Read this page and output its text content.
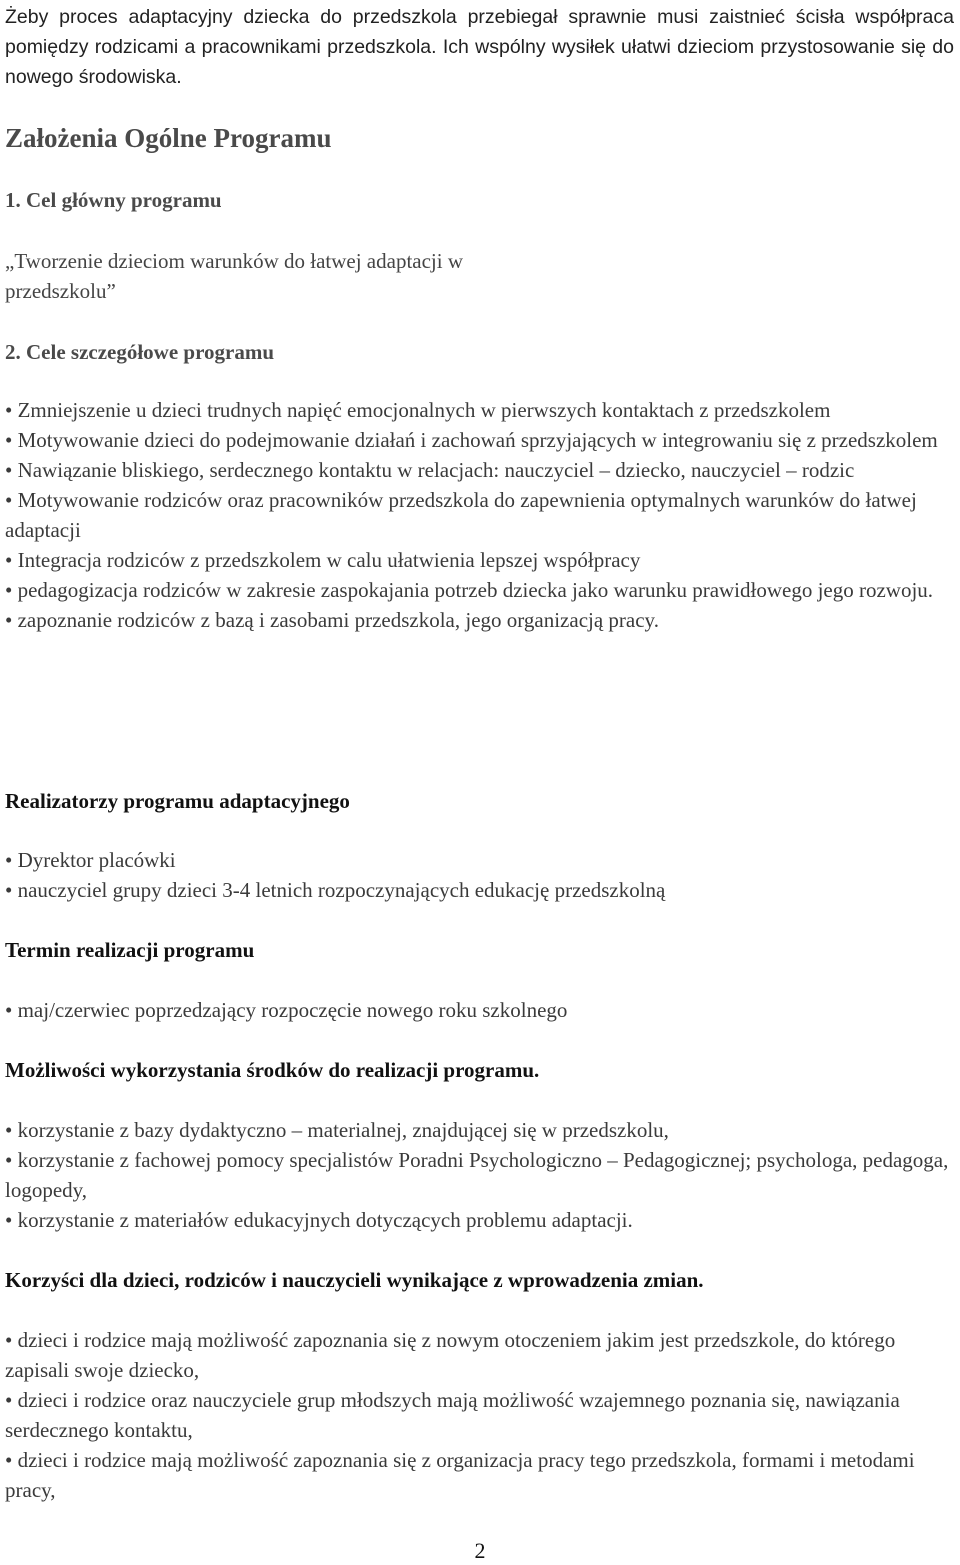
Żeby proces adaptacyjny dziecka do przedszkola przebiegał sprawnie musi zaistnieć ścisła współpraca pomiędzy rodzicami a pracownikami przedszkola. Ich wspólny wysiłek ułatwi dzieciom przystosowanie się do nowego środowiska.

Założenia Ogólne Programu

1. Cel główny programu

„Tworzenie dzieciom warunków do łatwej adaptacji w przedszkolu”

2. Cele szczegółowe programu

• Zmniejszenie u dzieci trudnych napięć emocjonalnych w pierwszych kontaktach z przedszkolem

• Motywowanie dzieci do podejmowanie działań i zachowań sprzyjających w integrowaniu się z przedszkolem

• Nawiązanie bliskiego, serdecznego kontaktu w relacjach: nauczyciel – dziecko, nauczyciel – rodzic

• Motywowanie rodziców oraz pracowników przedszkola do zapewnienia optymalnych warunków do łatwej adaptacji

• Integracja rodziców z przedszkolem w calu ułatwienia lepszej współpracy

• pedagogizacja rodziców w zakresie zaspokajania potrzeb dziecka jako warunku prawidłowego jego rozwoju.

• zapoznanie rodziców z bazą i zasobami przedszkola, jego organizacją pracy.

Realizatorzy programu adaptacyjnego

• Dyrektor placówki

• nauczyciel grupy dzieci 3-4 letnich rozpoczynających edukację przedszkolną

Termin realizacji programu

• maj/czerwiec poprzedzający rozpoczęcie nowego roku szkolnego

Możliwości wykorzystania środków do realizacji programu.

• korzystanie z bazy dydaktyczno – materialnej, znajdującej się w przedszkolu,

• korzystanie z fachowej pomocy specjalistów Poradni Psychologiczno – Pedagogicznej; psychologa, pedagoga, logopedy,

• korzystanie z materiałów edukacyjnych dotyczących problemu adaptacji.

Korzyści dla dzieci, rodziców i nauczycieli wynikające z wprowadzenia zmian.

• dzieci i rodzice mają możliwość zapoznania się z nowym otoczeniem jakim jest przedszkole, do którego zapisali swoje dziecko,

• dzieci i rodzice oraz nauczyciele grup młodszych mają możliwość wzajemnego poznania się, nawiązania serdecznego kontaktu,

• dzieci i rodzice mają możliwość zapoznania się z organizacja pracy tego przedszkola, formami i metodami pracy,

2
